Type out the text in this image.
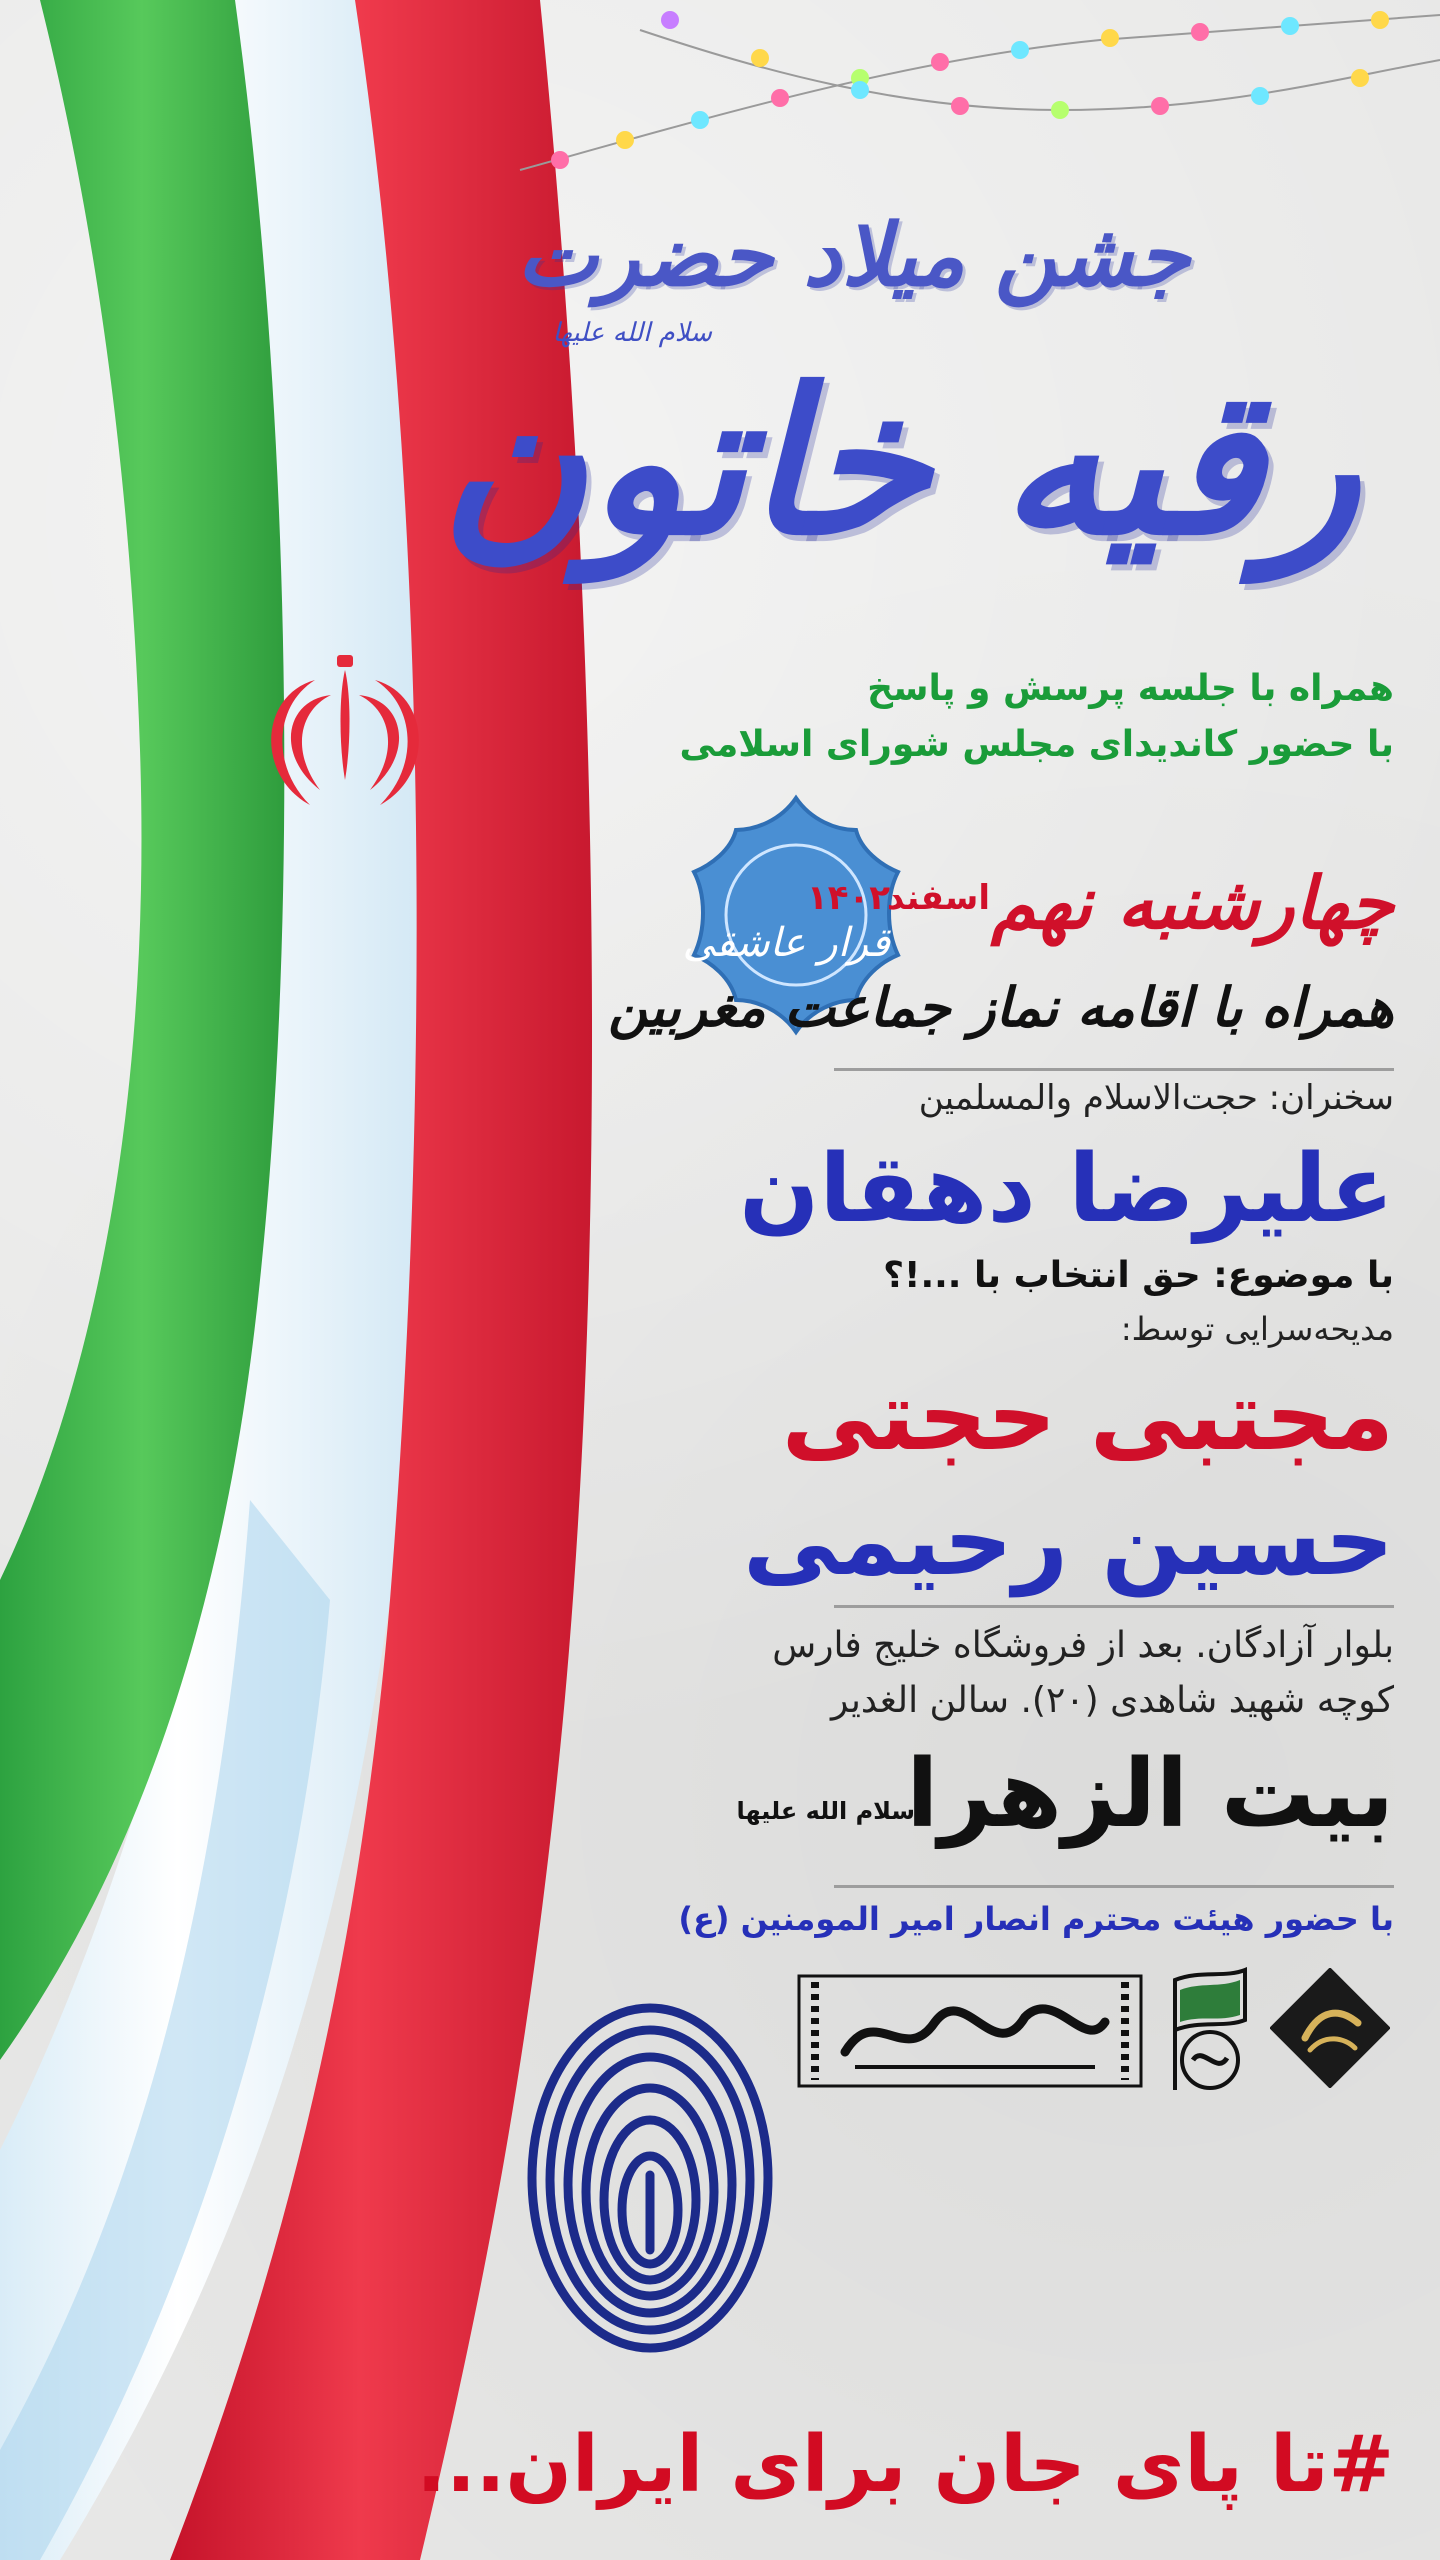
جشن میلاد حضرت

سلام الله علیها

رقیه خاتون

همراه با جلسه پرسش و پاسخ

با حضور کاندیدای مجلس شورای اسلامی

قرار عاشقی چهارشنبه نهم

اسفند

۱۴۰۲

همراه با اقامه نماز جماعت مغربین

سخنران: حجت‌الاسلام والمسلمین

علیرضا دهقان

با موضوع: حق انتخاب با ...!؟

مدیحه‌سرایی توسط:

مجتبی حجتی

حسین رحیمی

بلوار آزادگان. بعد از فروشگاه خلیج فارس

کوچه شهید شاهدی (۲۰). سالن الغدیر

بیت الزهرا

سلام الله علیها

با حضور هیئت محترم انصار امیر المومنین (ع)

#تا پای جان برای ایران...
